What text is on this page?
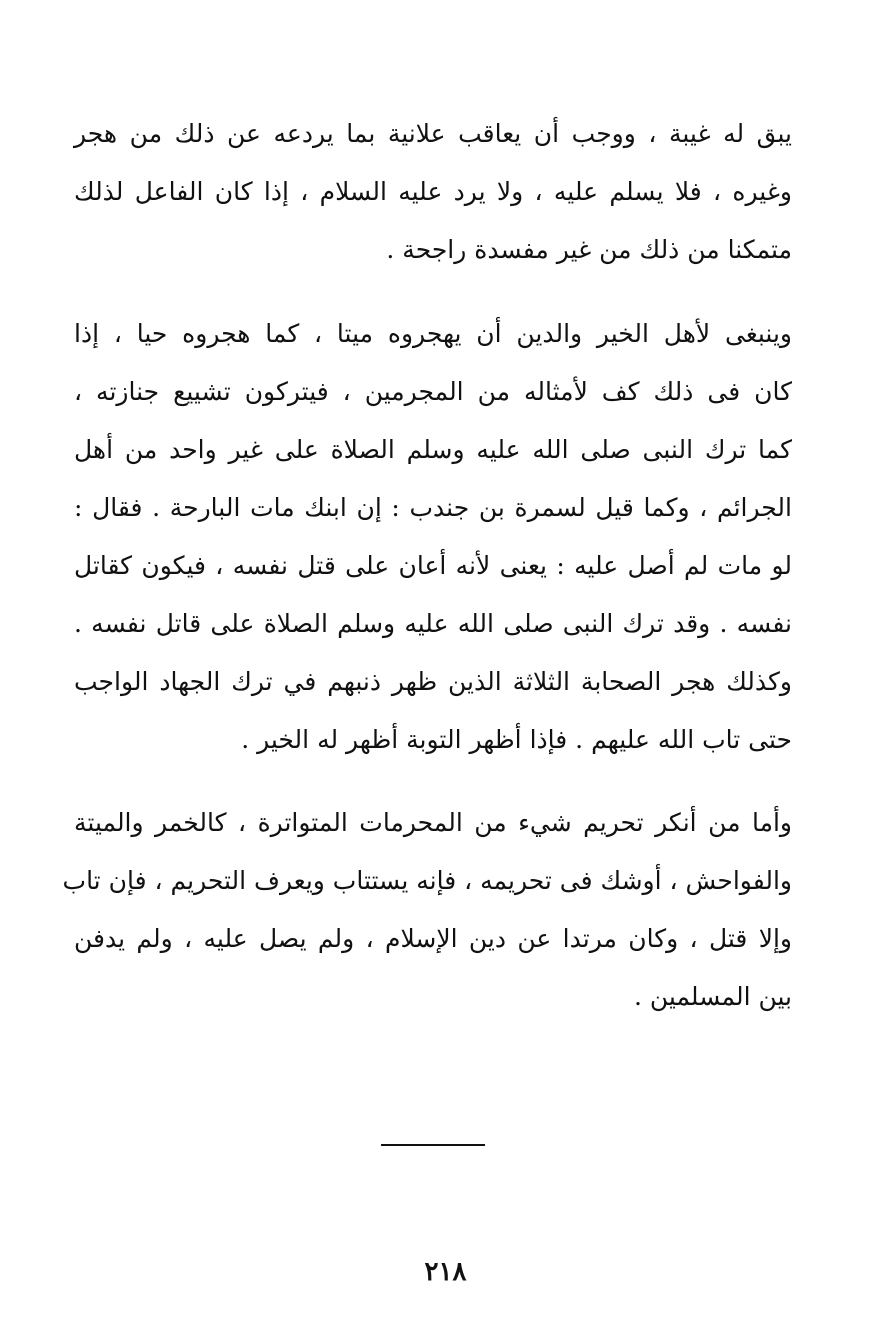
يبق له غيبة ، ووجب أن يعاقب علانية بما يردعه عن ذلك من هجر
وغيره ، فلا يسلم عليه ، ولا يرد عليه السلام ، إذا كان الفاعل لذلك
متمكنا من ذلك من غير مفسدة راجحة .
وينبغى لأهل الخير والدين أن يهجروه ميتا ، كما هجروه حيا ، إذا
كان فى ذلك كف لأمثاله من المجرمين ، فيتركون تشييع جنازته ،
كما ترك النبى صلى الله عليه وسلم الصلاة على غير واحد من أهل
الجرائم ، وكما قيل لسمرة بن جندب : إن ابنك مات البارحة . فقال :
لو مات لم أصل عليه : يعنى لأنه أعان على قتل نفسه ، فيكون كقاتل
نفسه . وقد ترك النبى صلى الله عليه وسلم الصلاة على قاتل نفسه .
وكذلك هجر الصحابة الثلاثة الذين ظهر ذنبهم في ترك الجهاد الواجب
حتى تاب الله عليهم . فإذا أظهر التوبة أظهر له الخير .
وأما من أنكر تحريم شيء من المحرمات المتواترة ، كالخمر والميتة
والفواحش ، أوشك فى تحريمه ، فإنه يستتاب ويعرف التحريم ، فإن تاب
وإلا قتل ، وكان مرتدا عن دين الإسلام ، ولم يصل عليه ، ولم يدفن
بين المسلمين .
٢١٨
